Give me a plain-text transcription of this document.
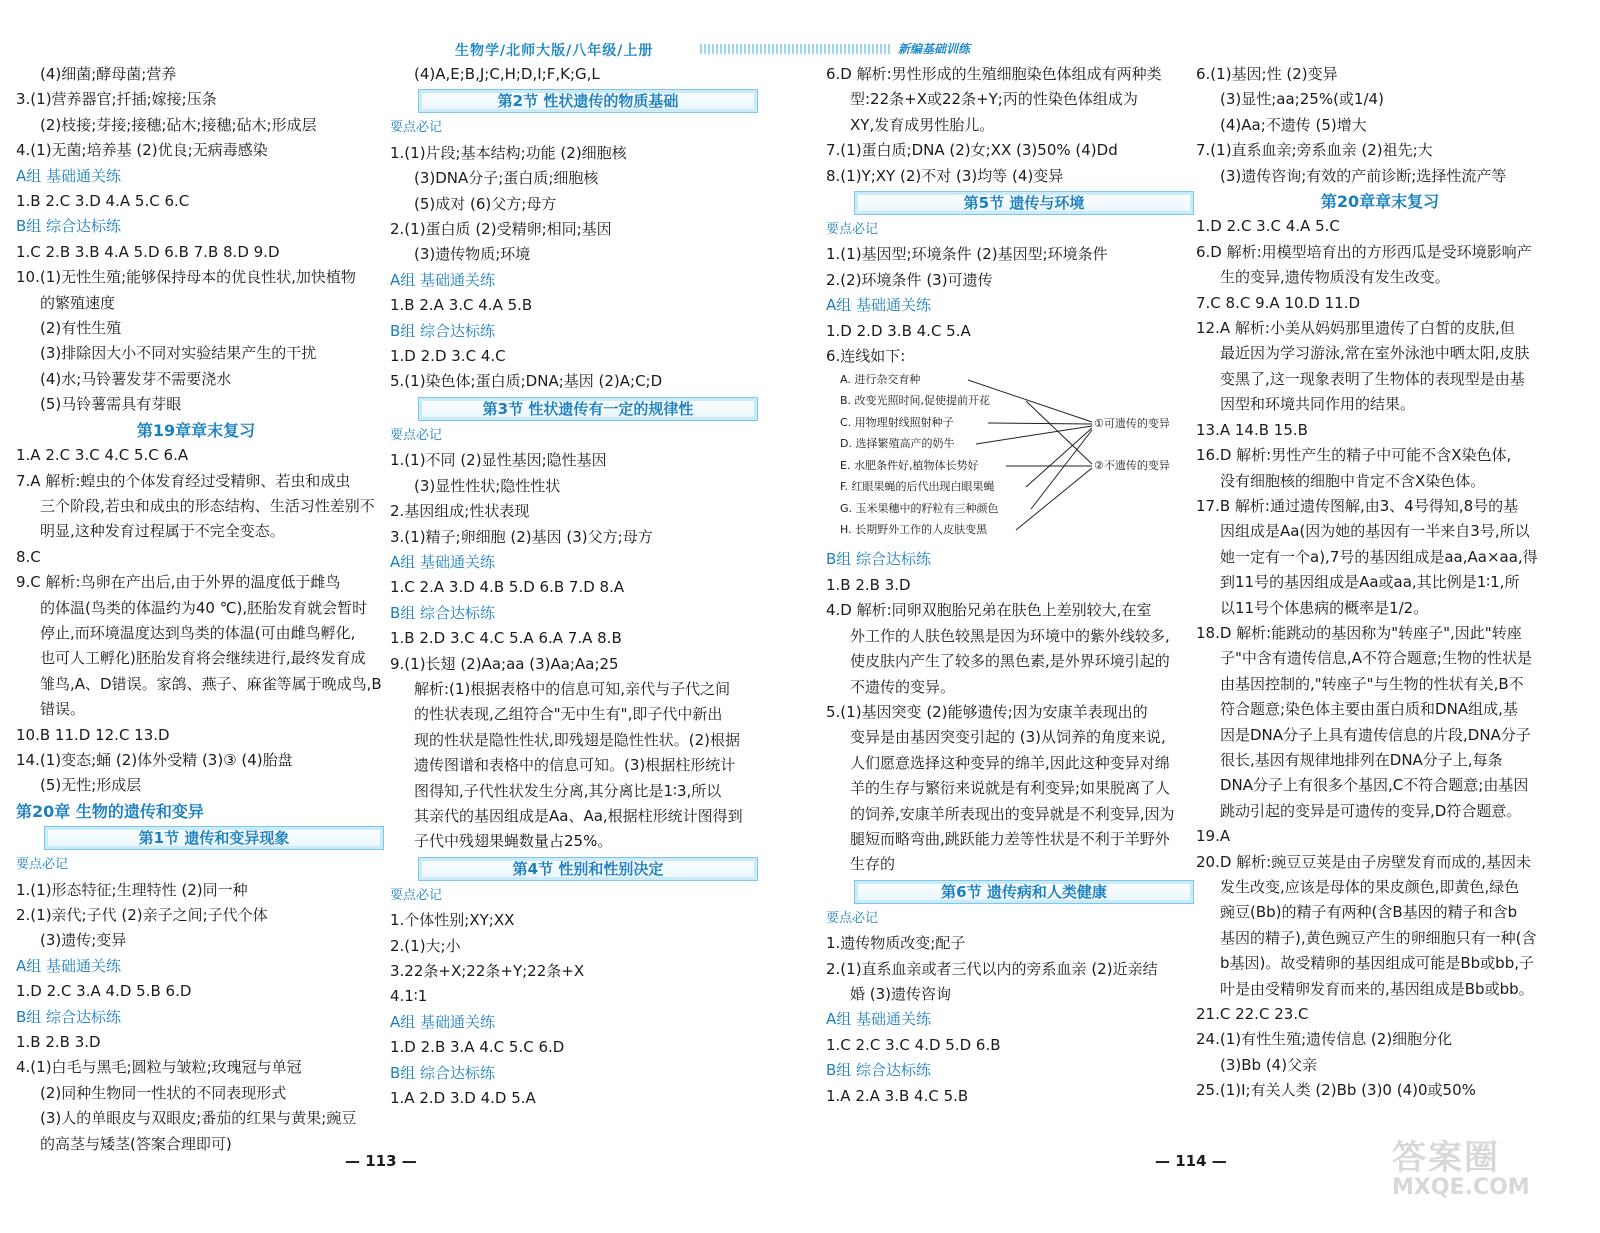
生物学/北师大版/八年级/上册	新编基础训练
(4)细菌;酵母菌;营养
3.(1)营养器官;扦插;嫁接;压条
(2)枝接;芽接;接穗;砧木;接穗;砧木;形成层
4.(1)无菌;培养基 (2)优良;无病毒感染
A组 基础通关练
1.B 2.C 3.D 4.A 5.C 6.C
B组 综合达标练
1.C 2.B 3.B 4.A 5.D 6.B 7.B 8.D 9.D
10.(1)无性生殖;能够保持母本的优良性状,加快植物
的繁殖速度
(2)有性生殖
(3)排除因大小不同对实验结果产生的干扰
(4)水;马铃薯发芽不需要浇水
(5)马铃薯需具有芽眼
第19章章末复习
1.A 2.C 3.C 4.C 5.C 6.A
7.A 解析:蝗虫的个体发育经过受精卵、若虫和成虫
三个阶段,若虫和成虫的形态结构、生活习性差别不
明显,这种发育过程属于不完全变态。
8.C
9.C 解析:鸟卵在产出后,由于外界的温度低于雌鸟
的体温(鸟类的体温约为40 ℃),胚胎发育就会暂时
停止,而环境温度达到鸟类的体温(可由雌鸟孵化,
也可人工孵化)胚胎发育将会继续进行,最终发育成
雏鸟,A、D错误。家鸽、燕子、麻雀等属于晚成鸟,B
错误。
10.B 11.D 12.C 13.D
14.(1)变态;蛹 (2)体外受精 (3)③ (4)胎盘
(5)无性;形成层
第20章 生物的遗传和变异
第1节 遗传和变异现象
要点必记
1.(1)形态特征;生理特性 (2)同一种
2.(1)亲代;子代 (2)亲子之间;子代个体
(3)遗传;变异
A组 基础通关练
1.D 2.C 3.A 4.D 5.B 6.D
B组 综合达标练
1.B 2.B 3.D
4.(1)白毛与黑毛;圆粒与皱粒;玫瑰冠与单冠
(2)同种生物同一性状的不同表现形式
(3)人的单眼皮与双眼皮;番茄的红果与黄果;豌豆
的高茎与矮茎(答案合理即可)
(4)A,E;B,J;C,H;D,I;F,K;G,L
第2节 性状遗传的物质基础
要点必记
1.(1)片段;基本结构;功能 (2)细胞核
(3)DNA分子;蛋白质;细胞核
(5)成对 (6)父方;母方
2.(1)蛋白质 (2)受精卵;相同;基因
(3)遗传物质;环境
A组 基础通关练
1.B 2.A 3.C 4.A 5.B
B组 综合达标练
1.D 2.D 3.C 4.C
5.(1)染色体;蛋白质;DNA;基因 (2)A;C;D
第3节 性状遗传有一定的规律性
要点必记
1.(1)不同 (2)显性基因;隐性基因
(3)显性性状;隐性性状
2.基因组成;性状表现
3.(1)精子;卵细胞 (2)基因 (3)父方;母方
A组 基础通关练
1.C 2.A 3.D 4.B 5.D 6.B 7.D 8.A
B组 综合达标练
1.B 2.D 3.C 4.C 5.A 6.A 7.A 8.B
9.(1)长翅 (2)Aa;aa (3)Aa;Aa;25
解析:(1)根据表格中的信息可知,亲代与子代之间
的性状表现,乙组符合"无中生有",即子代中新出
现的性状是隐性性状,即残翅是隐性性状。(2)根据
遗传图谱和表格中的信息可知。(3)根据柱形统计
图得知,子代性状发生分离,其分离比是1∶3,所以
其亲代的基因组成是Aa、Aa,根据柱形统计图得到
子代中残翅果蝇数量占25%。
第4节 性别和性别决定
要点必记
1.个体性别;XY;XX
2.(1)大;小
3.22条+X;22条+Y;22条+X
4.1∶1
A组 基础通关练
1.D 2.B 3.A 4.C 5.C 6.D
B组 综合达标练
1.A 2.D 3.D 4.D 5.A
6.D 解析:男性形成的生殖细胞染色体组成有两种类
型:22条+X或22条+Y;丙的性染色体组成为
XY,发育成男性胎儿。
7.(1)蛋白质;DNA (2)女;XX (3)50% (4)Dd
8.(1)Y;XY (2)不对 (3)均等 (4)变异
第5节 遗传与环境
要点必记
1.(1)基因型;环境条件 (2)基因型;环境条件
2.(2)环境条件 (3)可遗传
A组 基础通关练
1.D 2.D 3.B 4.C 5.A
6.连线如下:
A. 进行杂交育种
B. 改变光照时间,促使提前开花
C. 用物理射线照射种子
D. 选择繁殖高产的奶牛
E. 水肥条件好,植物体长势好
F. 红眼果蝇的后代出现白眼果蝇
G. 玉米果穗中的籽粒有三种颜色
H. 长期野外工作的人皮肤变黑
①可遗传的变异
②不遗传的变异
B组 综合达标练
1.B 2.B 3.D
4.D 解析:同卵双胞胎兄弟在肤色上差别较大,在室
外工作的人肤色较黑是因为环境中的紫外线较多,
使皮肤内产生了较多的黑色素,是外界环境引起的
不遗传的变异。
5.(1)基因突变 (2)能够遗传;因为安康羊表现出的
变异是由基因突变引起的 (3)从饲养的角度来说,
人们愿意选择这种变异的绵羊,因此这种变异对绵
羊的生存与繁衍来说就是有利变异;如果脱离了人
的饲养,安康羊所表现出的变异就是不利变异,因为
腿短而略弯曲,跳跃能力差等性状是不利于羊野外
生存的
第6节 遗传病和人类健康
要点必记
1.遗传物质改变;配子
2.(1)直系血亲或者三代以内的旁系血亲 (2)近亲结
婚 (3)遗传咨询
A组 基础通关练
1.C 2.C 3.C 4.D 5.D 6.B
B组 综合达标练
1.A 2.A 3.B 4.C 5.B
6.(1)基因;性 (2)变异
(3)显性;aa;25%(或1/4)
(4)Aa;不遗传 (5)增大
7.(1)直系血亲;旁系血亲 (2)祖先;大
(3)遗传咨询;有效的产前诊断;选择性流产等
第20章章末复习
1.D 2.C 3.C 4.A 5.C
6.D 解析:用模型培育出的方形西瓜是受环境影响产
生的变异,遗传物质没有发生改变。
7.C 8.C 9.A 10.D 11.D
12.A 解析:小美从妈妈那里遗传了白皙的皮肤,但
最近因为学习游泳,常在室外泳池中晒太阳,皮肤
变黑了,这一现象表明了生物体的表现型是由基
因型和环境共同作用的结果。
13.A 14.B 15.B
16.D 解析:男性产生的精子中可能不含X染色体,
没有细胞核的细胞中肯定不含X染色体。
17.B 解析:通过遗传图解,由3、4号得知,8号的基
因组成是Aa(因为她的基因有一半来自3号,所以
她一定有一个a),7号的基因组成是aa,Aa×aa,得
到11号的基因组成是Aa或aa,其比例是1∶1,所
以11号个体患病的概率是1/2。
18.D 解析:能跳动的基因称为"转座子",因此"转座
子"中含有遗传信息,A不符合题意;生物的性状是
由基因控制的,"转座子"与生物的性状有关,B不
符合题意;染色体主要由蛋白质和DNA组成,基
因是DNA分子上具有遗传信息的片段,DNA分子
很长,基因有规律地排列在DNA分子上,每条
DNA分子上有很多个基因,C不符合题意;由基因
跳动引起的变异是可遗传的变异,D符合题意。
19.A
20.D 解析:豌豆豆荚是由子房壁发育而成的,基因未
发生改变,应该是母体的果皮颜色,即黄色,绿色
豌豆(Bb)的精子有两种(含B基因的精子和含b
基因的精子),黄色豌豆产生的卵细胞只有一种(含
b基因)。故受精卵的基因组成可能是Bb或bb,子
叶是由受精卵发育而来的,基因组成是Bb或bb。
21.C 22.C 23.C
24.(1)有性生殖;遗传信息 (2)细胞分化
(3)Bb (4)父亲
25.(1)Ⅰ;有关人类 (2)Bb (3)0 (4)0或50%
— 113 —	— 114 —	答案圈
MXQE.COM
